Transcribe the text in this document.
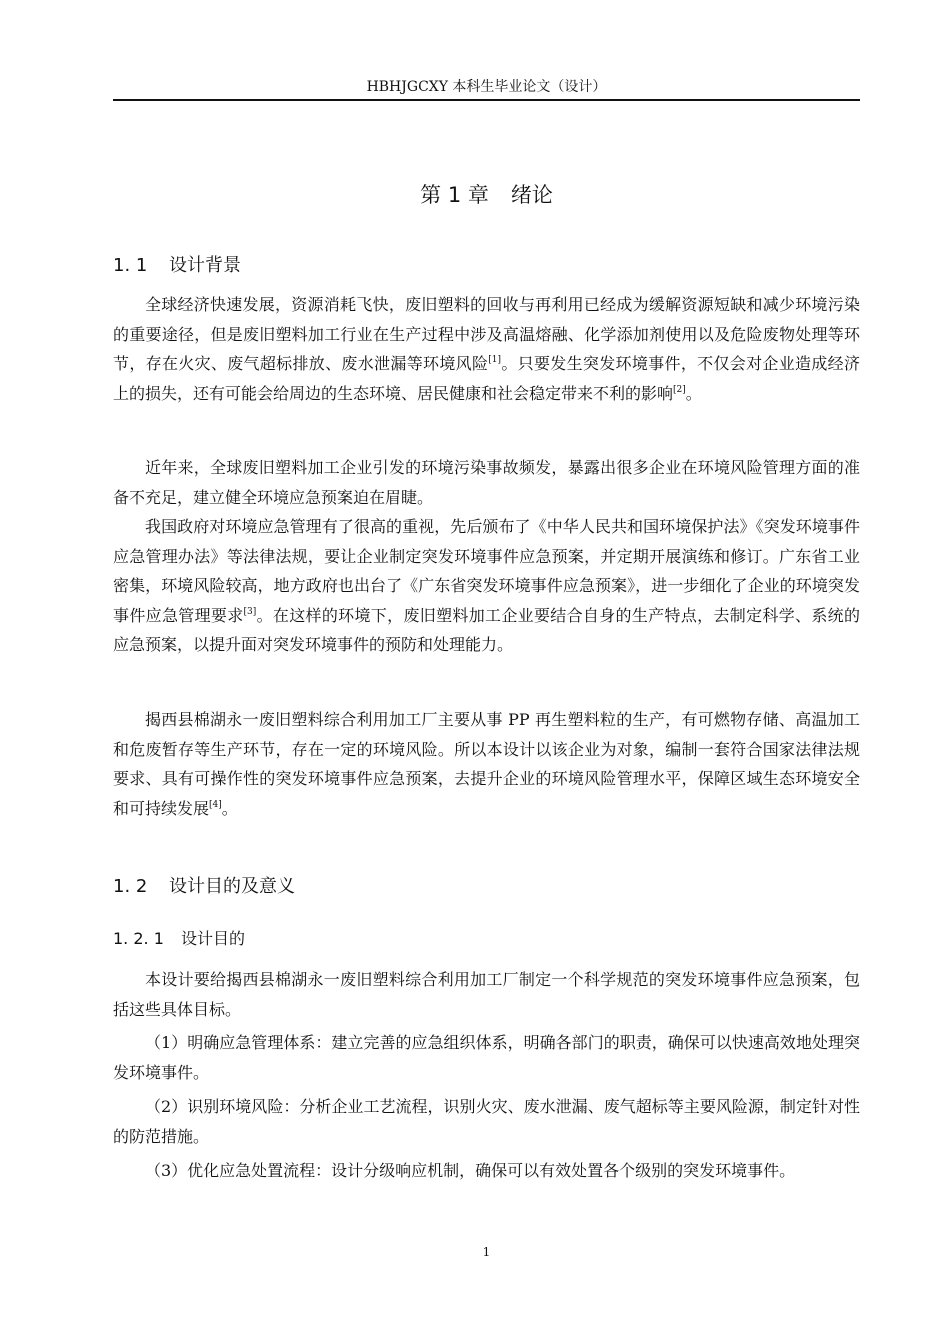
HBHJGCXY 本科生毕业论文（设计）
第 1 章 绪论
1. 1 设计背景

全球经济快速发展，资源消耗飞快，废旧塑料的回收与再利用已经成为缓解资源短缺和减少环境污染的重要途径，但是废旧塑料加工行业在生产过程中涉及高温熔融、化学添加剂使用以及危险废物处理等环节，存在火灾、废气超标排放、废水泄漏等环境风险[1]。只要发生突发环境事件，不仅会对企业造成经济上的损失，还有可能会给周边的生态环境、居民健康和社会稳定带来不利的影响[2]。

近年来，全球废旧塑料加工企业引发的环境污染事故频发，暴露出很多企业在环境风险管理方面的准备不充足，建立健全环境应急预案迫在眉睫。

我国政府对环境应急管理有了很高的重视，先后颁布了《中华人民共和国环境保护法》《突发环境事件应急管理办法》等法律法规，要让企业制定突发环境事件应急预案，并定期开展演练和修订。广东省工业密集，环境风险较高，地方政府也出台了《广东省突发环境事件应急预案》，进一步细化了企业的环境突发事件应急管理要求[3]。在这样的环境下，废旧塑料加工企业要结合自身的生产特点，去制定科学、系统的应急预案，以提升面对突发环境事件的预防和处理能力。

揭西县棉湖永一废旧塑料综合利用加工厂主要从事 PP 再生塑料粒的生产，有可燃物存储、高温加工和危废暂存等生产环节，存在一定的环境风险。所以本设计以该企业为对象，编制一套符合国家法律法规要求、具有可操作性的突发环境事件应急预案，去提升企业的环境风险管理水平，保障区域生态环境安全和可持续发展[4]。

1. 2 设计目的及意义
1. 2. 1 设计目的

本设计要给揭西县棉湖永一废旧塑料综合利用加工厂制定一个科学规范的突发环境事件应急预案，包括这些具体目标。

（1）明确应急管理体系：建立完善的应急组织体系，明确各部门的职责，确保可以快速高效地处理突发环境事件。

（2）识别环境风险：分析企业工艺流程，识别火灾、废水泄漏、废气超标等主要风险源，制定针对性的防范措施。

（3）优化应急处置流程：设计分级响应机制，确保可以有效处置各个级别的突发环境事件。

1
